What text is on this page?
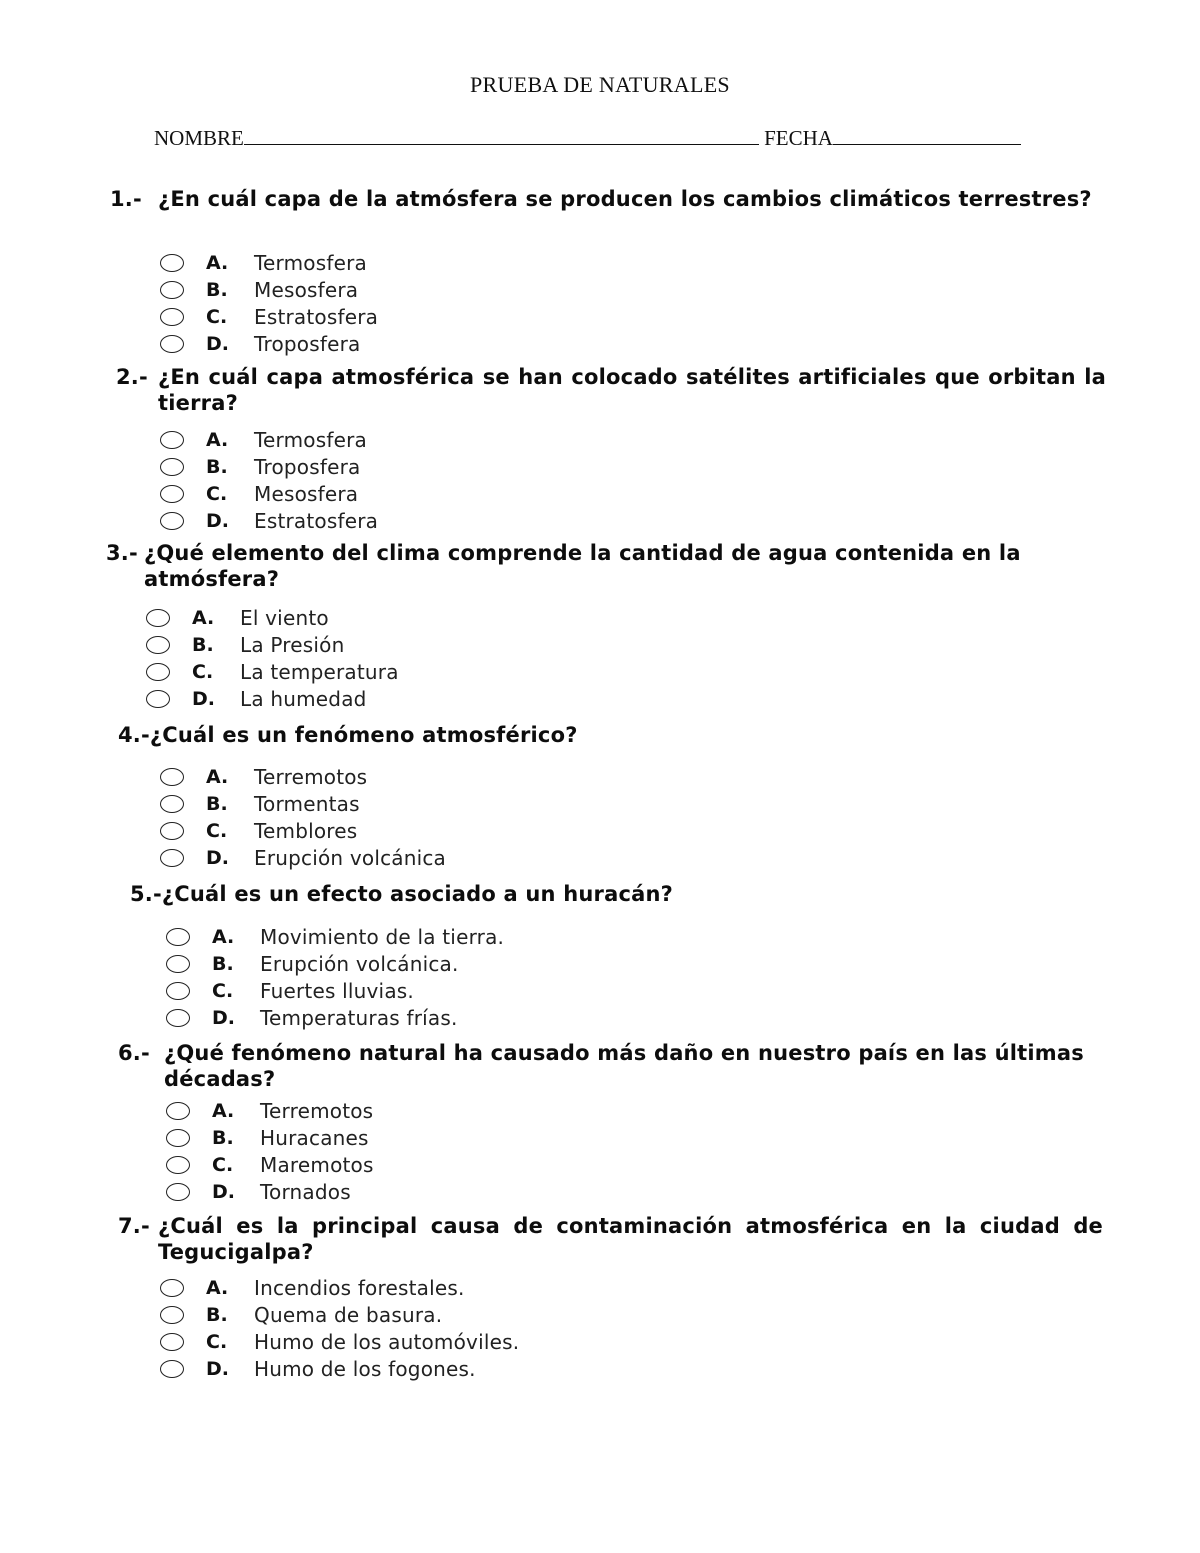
PRUEBA DE NATURALES
NOMBRE	FECHA
1.- ¿En cuál capa de la atmósfera se producen los cambios climáticos terrestres?
A.	Termosfera
B.	Mesosfera
C.	Estratosfera
D.	Troposfera
2.- ¿En cuál capa atmosférica se han colocado satélites artificiales que orbitan la tierra?
A.	Termosfera
B.	Troposfera
C.	Mesosfera
D.	Estratosfera
3.- ¿Qué elemento del clima comprende la cantidad de agua contenida en la atmósfera?
A.	El viento
B.	La Presión
C.	La temperatura
D.	La humedad
4.-¿Cuál es un fenómeno atmosférico?
A.	Terremotos
B.	Tormentas
C.	Temblores
D.	Erupción volcánica
5.-¿Cuál es un efecto asociado a un huracán?
A.	Movimiento de la tierra.
B.	Erupción volcánica.
C.	Fuertes lluvias.
D.	Temperaturas frías.
6.- ¿Qué fenómeno natural ha causado más daño en nuestro país en las últimas décadas?
A.	Terremotos
B.	Huracanes
C.	Maremotos
D.	Tornados
7.- ¿Cuál es la principal causa de contaminación atmosférica en la ciudad de Tegucigalpa?
A.	Incendios forestales.
B.	Quema de basura.
C.	Humo de los automóviles.
D.	Humo de los fogones.
